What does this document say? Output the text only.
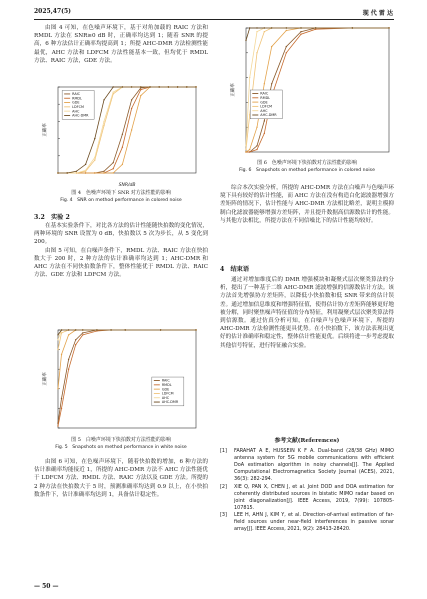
2025,47(5)	现 代 雷 达

由图 4 可知，在色噪声环境下，基于对角加载的 RAIC 方法和 RMDL 方法在 SNR≥0 dB 时，正确率均达到 1；随着 SNR 的提高，6 种方法估计正确率均提高到 1；所提 AHC-DMR 方法检测性能最优，AHC 方法和 LDFCM 方法性能基本一致，但均优于 RMDL 方法、RAIC 方法，GDE 方法。

正确率
SNR/dB
RAIC
RMDL
GDE
LDFCM
AHC
AHC-DMR
图 4　色噪声环境下 SNR 对方法性能的影响
Fig. 4　SNR on method performance in colored noise
3.2　实验 2

在基本实验条件下，对比各方法的估计性能随快拍数的变化情况，两种环境的 SNR 设置为 0 dB，快拍数以 5 次为步长，从 5 变化到 200。

由图 5 可知，在白噪声条件下，RMDL 方法、RAIC 方法在快拍数大于 200 时，2 种方法的估计准确率均达到 1；AHC-DMR 和 AHC 方法在不同快拍数条件下，整体性能优于 RMDL 方法、RAIC 方法、GDE 方法和 LDFCM 方法。

正确率	RAIC
RMDL
GDE
LDFCM
AHC
AHC-DMR
图 5　白噪声环境下快拍数对方法性能的影响
Fig. 5　Snapshots on method performance in white noise

由图 6 可知，在色噪声环境下，随着快拍数的增加，6 种方法的估计准确率均能接近 1，所提的 AHC-DMR 方法不 AHC 方法性能优于 LDFCM 方法、RMDL 方法、RAIC 方法以及 GDE 方法。所提的 2 种方法在快拍数大于 5 时，预测准确率均达到 0.9 以上，在小快拍数条件下，估计准确率均达到 1，具备估计稳定性。

— 50 —
正确率	RAIC
RMDL
GDE
LDFCM
AHC
AHC-DMR
图 6　色噪声环境下快拍数对方法性能的影响
Fig. 6　Snapshots on method performance in colored noise

综合本次实验分析，所提的 AHC-DMR 方法在白噪声与色噪声环境下具有较好的估计性能，而 AHC 方法在没有构造白化滤波器增强方差矩阵的情况下，估计性能与 AHC-DMR 方法相比略差，说明主模抑制白化滤波器能够增强方差矩阵，并且提升数据高信源数估计的性能。与其他方法相比，所提方法在不同信噪比下的估计性能均较好。

4　结束语

通过对增加维度后的 DMR 增强模块和凝聚式层次聚类算法的分析，提出了一种基于二维 AHC-DMR 滤波增强的信源数估计方法。该方法首先增强协方差矩阵，以降低小快拍数和低 SNR 带来的估计误差。通过增加信息维度和增强特征值，使得估计协方差矩阵能够更好地被分解，同时聚焦噪声特征值的分布特征，利用凝聚式层次聚类算法得到信源数。通过仿真分析可知，在白噪声与色噪声环境下，所提的 AHC-DMR 方法检测性能更具优势。在小快拍数下，该方法表现出更好的估计准确率和稳定性，整体估计性能更优。后续将进一步考虑提取其他信号特征，进行特征融合实验。

参考文献(References)
[1]	FARAHAT A E, HUSSEIN K F A. Dual-band (28/38 GHz) MIMO antenna system for 5G mobile communications with efficient DoA estimation algorithm in noisy channels[J]. The Applied Computational Electromagnetics Society Journal (ACES), 2021, 36(3): 282-294.
[2]	XIE Q, PAN X, CHEN J, et al. Joint DOD and DOA estimation for coherently distributed sources in bistatic MIMO radar based on joint diagonalization[J]. IEEE Access, 2019, 7(99): 107805-107815.
[3]	LEE H, AHN J, KIM Y, et al. Direction-of-arrival estimation of far-field sources under near-field interferences in passive sonar array[J]. IEEE Access, 2021, 9(2): 28413-28420.
